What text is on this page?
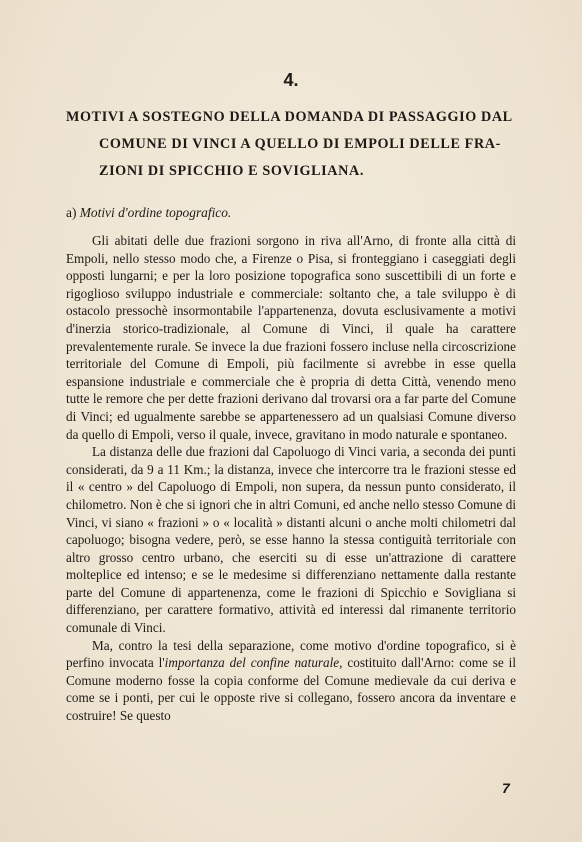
4.
MOTIVI A SOSTEGNO DELLA DOMANDA DI PASSAGGIO DAL
COMUNE DI VINCI A QUELLO DI EMPOLI DELLE FRA-
ZIONI DI SPICCHIO E SOVIGLIANA.
a) Motivi d'ordine topografico.

Gli abitati delle due frazioni sorgono in riva all'Arno, di fronte alla città di Empoli, nello stesso modo che, a Firenze o Pisa, si fronteggiano i caseggiati degli opposti lungarni; e per la loro posizione topografica sono suscettibili di un forte e rigoglioso sviluppo industriale e commerciale: soltanto che, a tale sviluppo è di ostacolo pressochè insormontabile l'appartenenza, dovuta esclusivamente a motivi d'inerzia storico-tradizionale, al Comune di Vinci, il quale ha carattere prevalentemente rurale. Se invece la due frazioni fossero incluse nella circoscrizione territoriale del Comune di Empoli, più facilmente si avrebbe in esse quella espansione industriale e commerciale che è propria di detta Città, venendo meno tutte le remore che per dette frazioni derivano dal trovarsi ora a far parte del Comune di Vinci; ed ugualmente sarebbe se appartenessero ad un qualsiasi Comune diverso da quello di Empoli, verso il quale, invece, gravitano in modo naturale e spontaneo.

La distanza delle due frazioni dal Capoluogo di Vinci varia, a seconda dei punti considerati, da 9 a 11 Km.; la distanza, invece che intercorre tra le frazioni stesse ed il « centro » del Capoluogo di Empoli, non supera, da nessun punto considerato, il chilometro. Non è che si ignori che in altri Comuni, ed anche nello stesso Comune di Vinci, vi siano « frazioni » o « località » distanti alcuni o anche molti chilometri dal capoluogo; bisogna vedere, però, se esse hanno la stessa contiguità territoriale con altro grosso centro urbano, che eserciti su di esse un'attrazione di carattere molteplice ed intenso; e se le medesime si differenziano nettamente dalla restante parte del Comune di appartenenza, come le frazioni di Spicchio e Sovigliana si differenziano, per carattere formativo, attività ed interessi dal rimanente territorio comunale di Vinci.

Ma, contro la tesi della separazione, come motivo d'ordine topografico, si è perfino invocata l'importanza del confine naturale, costituito dall'Arno: come se il Comune moderno fosse la copia conforme del Comune medievale da cui deriva e come se i ponti, per cui le opposte rive si collegano, fossero ancora da inventare e costruire! Se questo

7
